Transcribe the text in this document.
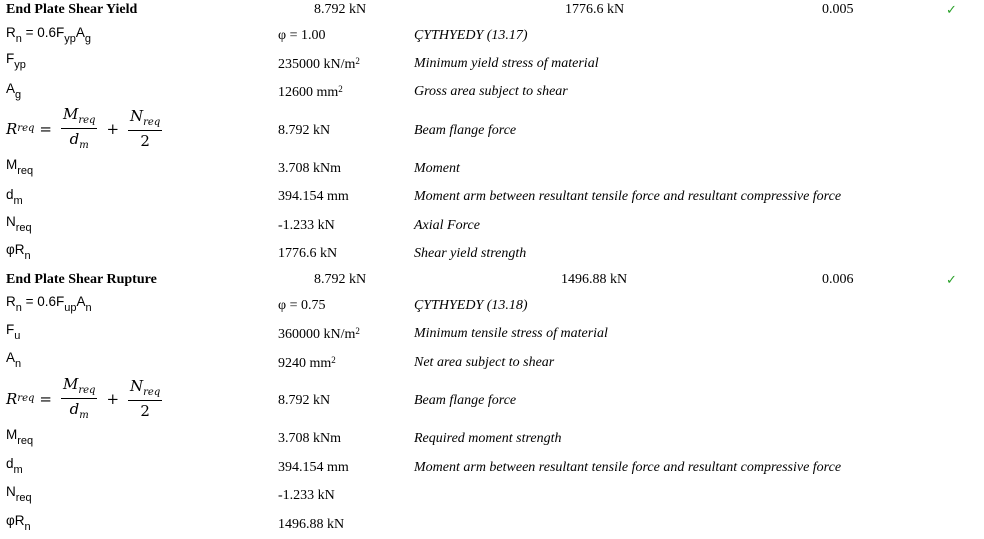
End Plate Shear Yield	8.792 kN	1776.6 kN	0.005	✓
$R_n = 0.6F_{yp}A_g$	φ = 1.00	ÇYTHYEDY (13.17)
$F_{yp}$	235000 $kN/m^2$	Minimum yield stress of material
$A_g$	12600 $mm^2$	Gross area subject to shear
R req = $\frac{M_{req}}{d_m} + \frac{N_{req}}{2}$	8.792 kN	Beam flange force
$M_{req}$	3.708 kNm	Moment
$d_m$	394.154 mm	Moment arm between resultant tensile force and resultant compressive force
$N_{req}$	-1.233 kN	Axial Force
$\varphi R_n$	1776.6 kN	Shear yield strength
End Plate Shear Rupture	8.792 kN	1496.88 kN	0.006	✓
$R_n = 0.6F_{up}A_n$	φ = 0.75	ÇYTHYEDY (13.18)
$F_u$	360000 $kN/m^2$	Minimum tensile stress of material
$A_n$	9240 $mm^2$	Net area subject to shear
R req = $\frac{M_{req}}{d_m} + \frac{N_{req}}{2}$	8.792 kN	Beam flange force
$M_{req}$	3.708 kNm	Required moment strength
$d_m$	394.154 mm	Moment arm between resultant tensile force and resultant compressive force
$N_{req}$	-1.233 kN
$\varphi R_n$	1496.88 kN
